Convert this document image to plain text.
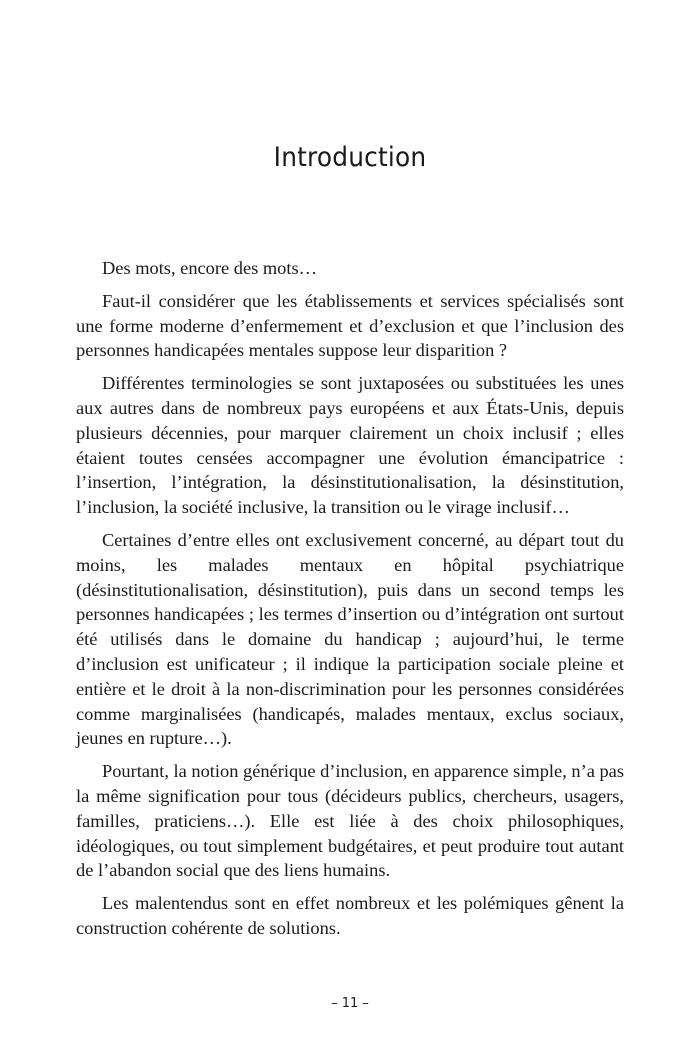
Introduction

Des mots, encore des mots…

Faut-il considérer que les établissements et services spécialisés sont une forme moderne d’enfermement et d’exclusion et que l’inclusion des personnes handicapées mentales suppose leur disparition ?

Différentes terminologies se sont juxtaposées ou substituées les unes aux autres dans de nombreux pays européens et aux États-Unis, depuis plusieurs décennies, pour marquer clairement un choix inclusif ; elles étaient toutes censées accompagner une évolution émancipatrice : l’insertion, l’intégration, la désinstitutionalisation, la désinstitution, l’inclusion, la société inclusive, la transition ou le virage inclusif…

Certaines d’entre elles ont exclusivement concerné, au départ tout du moins, les malades mentaux en hôpital psychiatrique (désinstitutionalisation, désinstitution), puis dans un second temps les personnes handicapées ; les termes d’insertion ou d’intégration ont surtout été utilisés dans le domaine du handicap ; aujourd’hui, le terme d’inclusion est unificateur ; il indique la participation sociale pleine et entière et le droit à la non-discrimination pour les personnes considérées comme marginalisées (handicapés, malades mentaux, exclus sociaux, jeunes en rupture…).

Pourtant, la notion générique d’inclusion, en apparence simple, n’a pas la même signification pour tous (décideurs publics, chercheurs, usagers, familles, praticiens…). Elle est liée à des choix philosophiques, idéologiques, ou tout simplement budgétaires, et peut produire tout autant de l’abandon social que des liens humains.

Les malentendus sont en effet nombreux et les polémiques gênent la construction cohérente de solutions.

– 11 –
